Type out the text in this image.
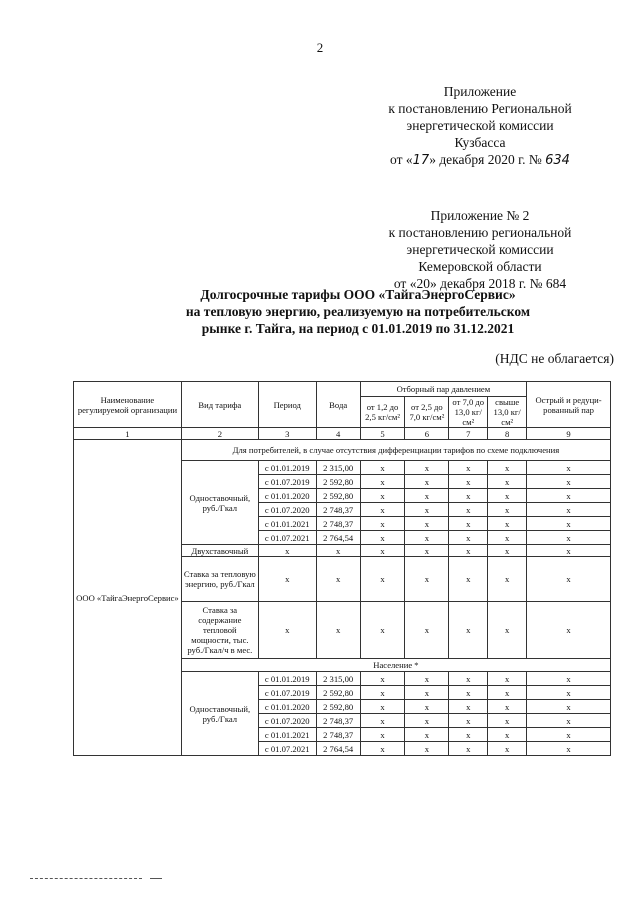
2
Приложение
к постановлению Региональной
энергетической комиссии
Кузбасса
от «17» декабря 2020 г. № 634
Приложение № 2
к постановлению региональной
энергетической комиссии
Кемеровской области
от «20» декабря 2018 г. № 684
Долгосрочные тарифы ООО «ТайгаЭнергоСервис»
на тепловую энергию, реализуемую на потребительском
рынке г. Тайга, на период с 01.01.2019 по 31.12.2021
(НДС не облагается)
Наименование регулируемой организации	Вид тарифа	Период	Вода	Отборный пар давлением				Острый и редуци-рованный пар
				от 1,2 до 2,5 кг/см²	от 2,5 до 7,0 кг/см²	от 7,0 до 13,0 кг/см²	свыше 13,0 кг/см²	
1	2	3	4	5	6	7	8	9
ООО «ТайгаЭнергоСервис»	Для потребителей, в случае отсутствия дифференциации тарифов по схеме подключения							
	Одноставочный, руб./Гкал	с 01.01.2019	2 315,00	х	х	х	х	х
		с 01.07.2019	2 592,80	х	х	х	х	х
		с 01.01.2020	2 592,80	х	х	х	х	х
		с 01.07.2020	2 748,37	х	х	х	х	х
		с 01.01.2021	2 748,37	х	х	х	х	х
		с 01.07.2021	2 764,54	х	х	х	х	х
	Двухставочный	х	х	х	х	х	х	х
	Ставка за тепловую энергию, руб./Гкал	х	х	х	х	х	х	х
	Ставка за содержание тепловой мощности, тыс. руб./Гкал/ч в мес.	х	х	х	х	х	х	х
	Население *							
	Одноставочный, руб./Гкал	с 01.01.2019	2 315,00	х	х	х	х	х
		с 01.07.2019	2 592,80	х	х	х	х	х
		с 01.01.2020	2 592,80	х	х	х	х	х
		с 01.07.2020	2 748,37	х	х	х	х	х
		с 01.01.2021	2 748,37	х	х	х	х	х
		с 01.07.2021	2 764,54	х	х	х	х	х
